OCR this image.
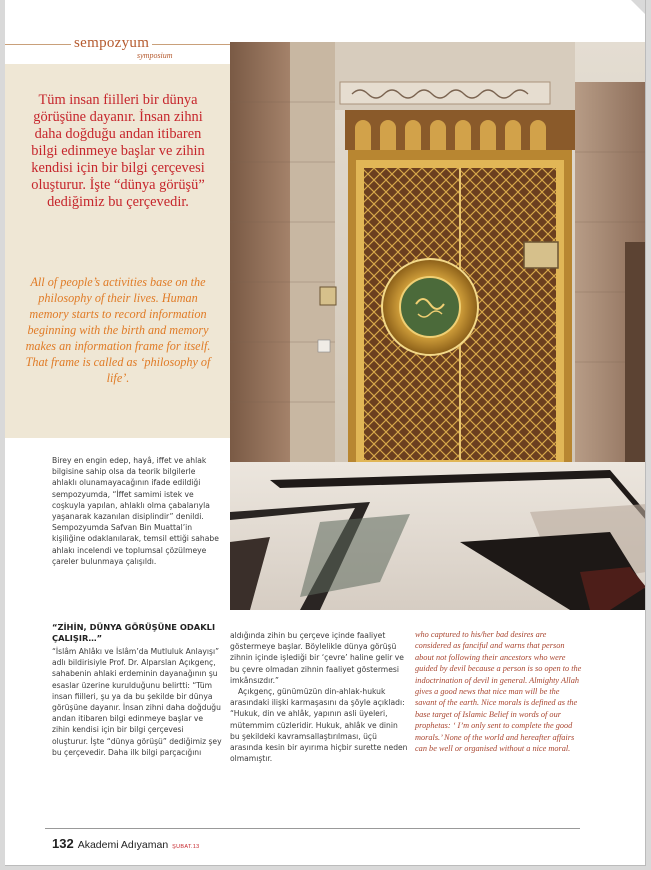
sempozyum
symposium

Tüm insan fiilleri bir dünya görüşüne dayanır. İnsan zihni daha doğduğu andan itibaren bilgi edinmeye başlar ve zihin kendisi için bir bilgi çerçevesi oluşturur. İşte “dünya görüşü” dediğimiz bu çerçevedir.

All of people’s activities base on the philosophy of their lives. Human memory starts to record information beginning with the birth and memory makes an information frame for itself. That frame is called as ‘philosophy of life’.

Birey en engin edep, hayâ, iffet ve ahlak bilgisine sahip olsa da teorik bilgilerle ahlaklı olunamayacağının ifade edildiği sempozyumda, “İffet samimi istek ve coşkuyla yapılan, ahlaklı olma çabalarıyla yaşanarak kazanılan disiplindir” denildi. Sempozyumda Safvan Bin Muattal’in kişiliğine odaklanılarak, temsil ettiği sahabe ahlakı incelendi ve toplumsal çözülmeye çareler bulunmaya çalışıldı.

“ZİHİN, DÜNYA GÖRÜŞÜNE ODAKLI ÇALIŞIR…”

“İslâm Ahlâkı ve İslâm’da Mutluluk Anlayışı” adlı bildirisiyle Prof. Dr. Alparslan Açıkgenç, sahabenin ahlaki erdeminin dayanağının şu esaslar üzerine kurulduğunu belirtti: “Tüm insan fiilleri, şu ya da bu şekilde bir dünya görüşüne dayanır. İnsan zihni daha doğduğu andan itibaren bilgi edinmeye başlar ve zihin kendisi için bir bilgi çerçevesi oluşturur. İşte “dünya görüşü” dediğimiz şey bu çerçevedir. Daha ilk bilgi parçacığını

aldığında zihin bu çerçeve içinde faaliyet göstermeye başlar. Böylelikle dünya görüşü zihnin içinde işlediği bir ‘çevre’ haline gelir ve bu çevre olmadan zihnin faaliyet göstermesi imkânsızdır.”

Açıkgenç, günümüzün din-ahlak-hukuk arasındaki ilişki karmaşasını da şöyle açıkladı: “Hukuk, din ve ahlâk, yapının asli üyeleri, mütemmim cüzleridir. Hukuk, ahlâk ve dinin bu şekildeki kavramsallaştırılması, üçü arasında kesin bir ayırıma hiçbir surette neden olmamıştır.

who captured to his/her bad desires are considered as fanciful and warns that person about not following their ancestors who were guided by devil because a person is so open to the indoctrination of devil in general. Almighty Allah gives a good news that nice man will be the savant of the earth. Nice morals is defined as the base target of Islamic Belief in words of our prophetas: ‘ I’m only sent to complete the good morals.’ None of the world and hereafter affairs can be well or organised without a nice moral.

132 Akademi Adıyaman ŞUBAT.13
